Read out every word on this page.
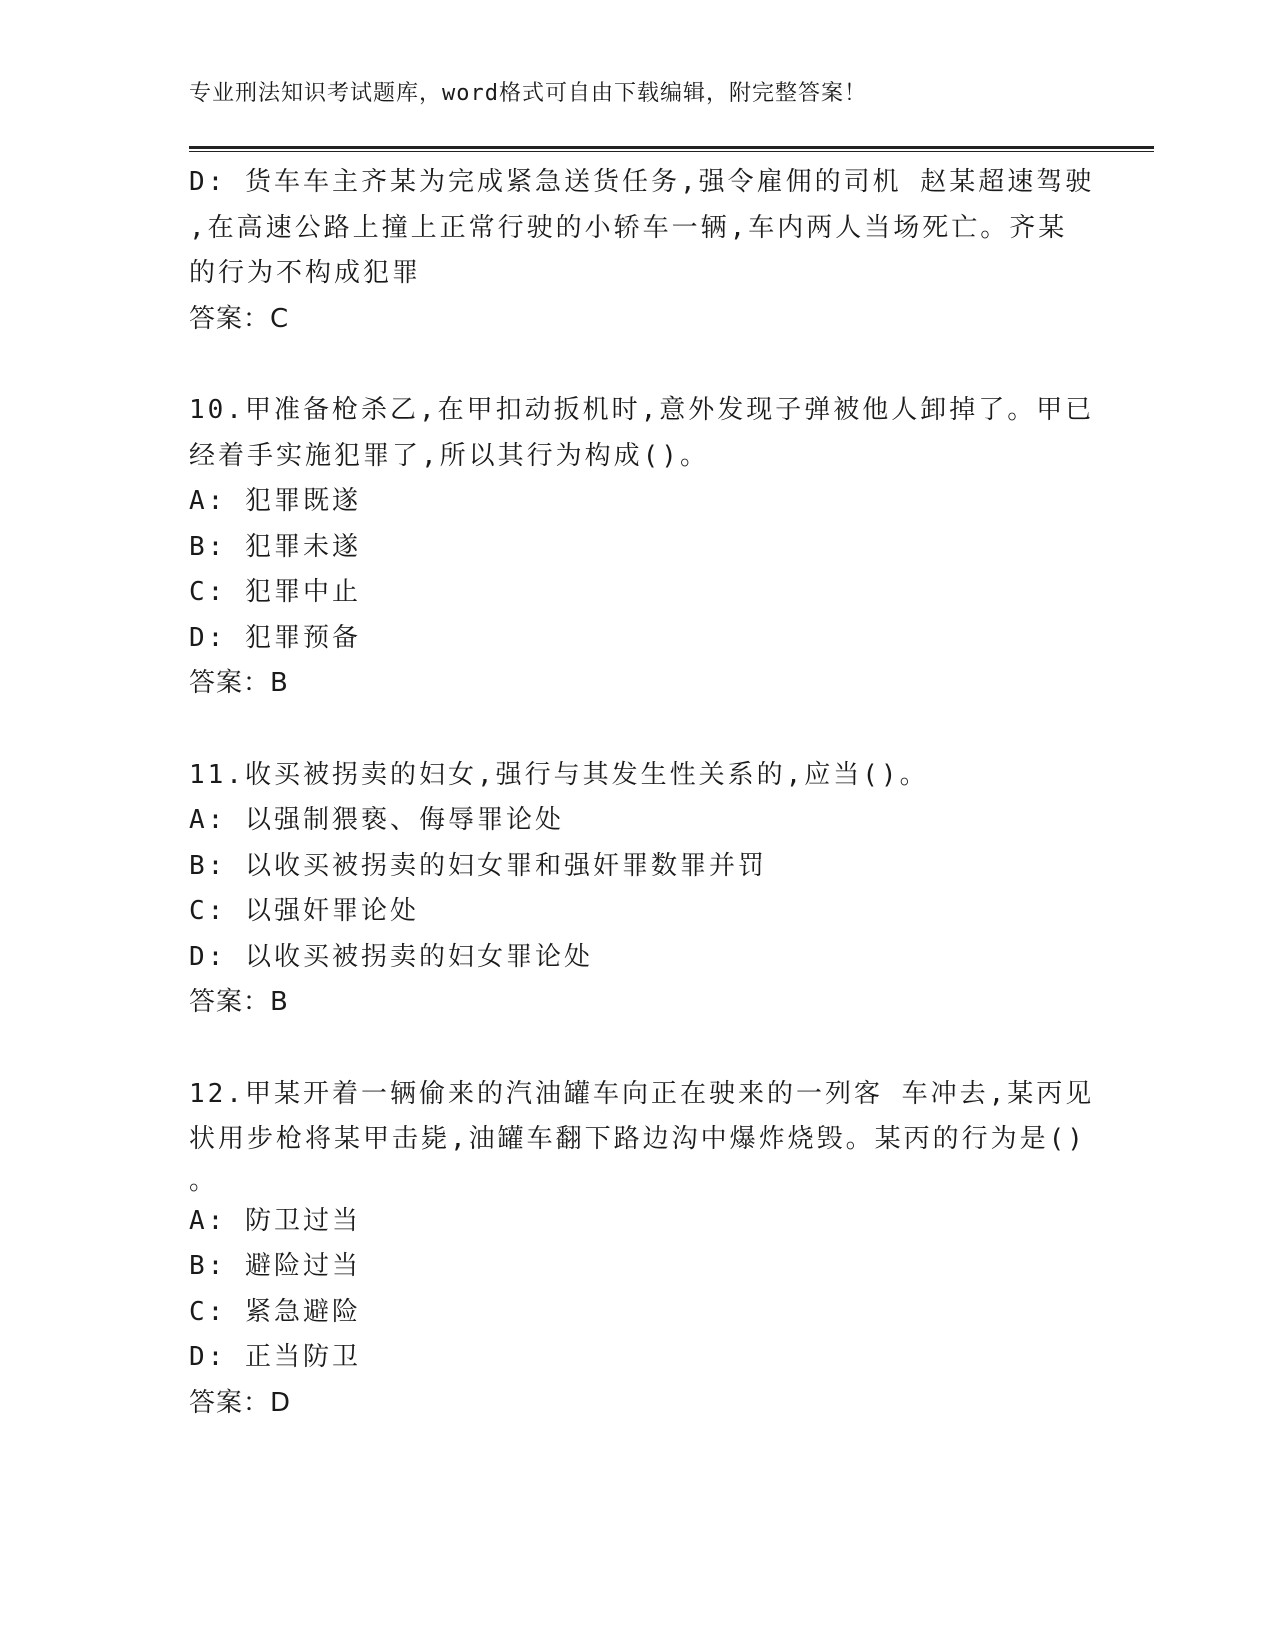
专业刑法知识考试题库，word格式可自由下载编辑，附完整答案！

D: 货车车主齐某为完成紧急送货任务,强令雇佣的司机 赵某超速驾驶

,在高速公路上撞上正常行驶的小轿车一辆,车内两人当场死亡。齐某

的行为不构成犯罪

答案：C

10.甲准备枪杀乙,在甲扣动扳机时,意外发现子弹被他人卸掉了。甲已

经着手实施犯罪了,所以其行为构成()。

A: 犯罪既遂

B: 犯罪未遂

C: 犯罪中止

D: 犯罪预备

答案：B

11.收买被拐卖的妇女,强行与其发生性关系的,应当()。

A: 以强制猥亵、侮辱罪论处

B: 以收买被拐卖的妇女罪和强奸罪数罪并罚

C: 以强奸罪论处

D: 以收买被拐卖的妇女罪论处

答案：B

12.甲某开着一辆偷来的汽油罐车向正在驶来的一列客 车冲去,某丙见

状用步枪将某甲击毙,油罐车翻下路边沟中爆炸烧毁。某丙的行为是()

。

A: 防卫过当

B: 避险过当

C: 紧急避险

D: 正当防卫

答案：D
